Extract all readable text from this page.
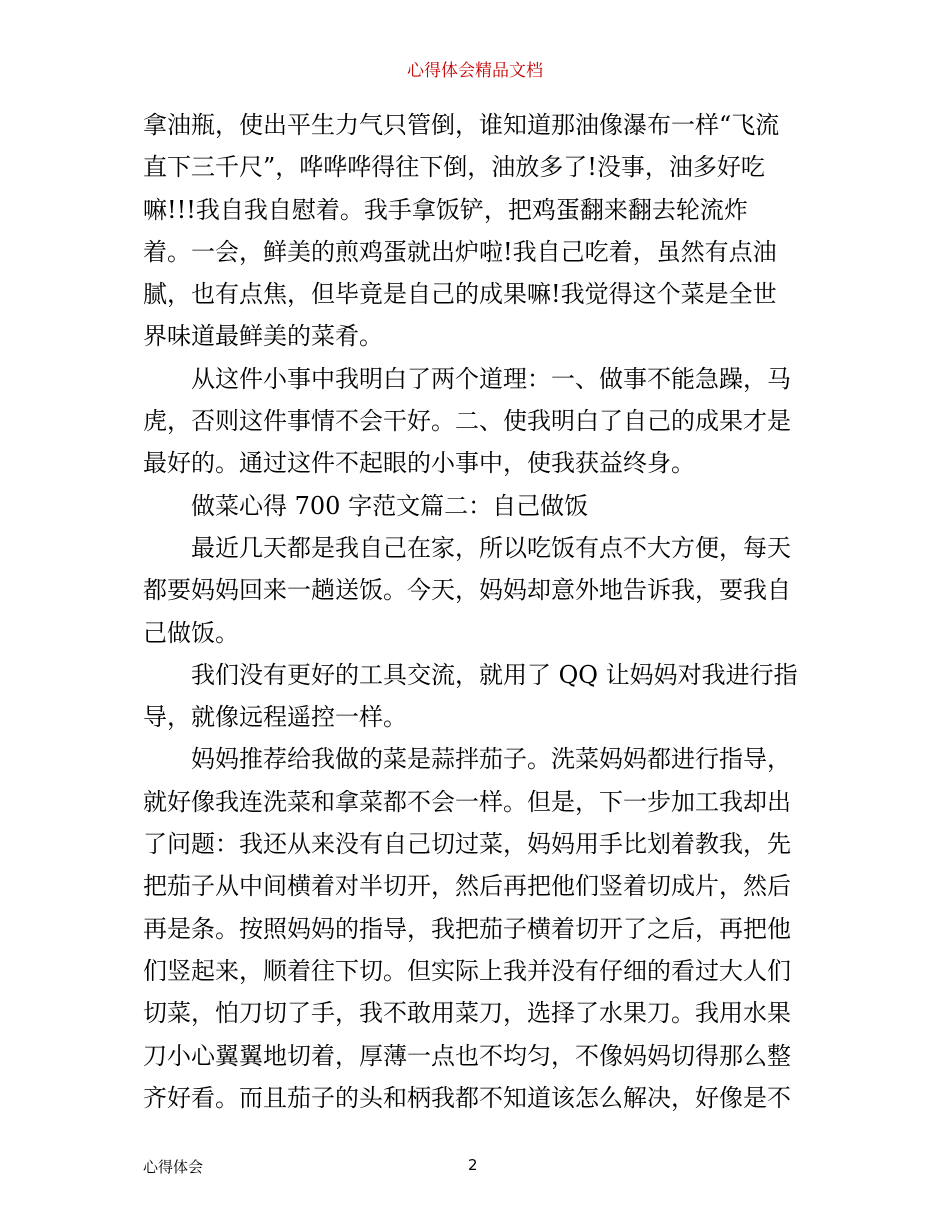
心得体会精品文档
拿油瓶，使出平生力气只管倒，谁知道那油像瀑布一样“飞流
直下三千尺”，哗哗哗得往下倒，油放多了!没事，油多好吃
嘛!!!我自我自慰着。我手拿饭铲，把鸡蛋翻来翻去轮流炸
着。一会，鲜美的煎鸡蛋就出炉啦!我自己吃着，虽然有点油
腻，也有点焦，但毕竟是自己的成果嘛!我觉得这个菜是全世
界味道最鲜美的菜肴。
从这件小事中我明白了两个道理：一、做事不能急躁，马
虎，否则这件事情不会干好。二、使我明白了自己的成果才是
最好的。通过这件不起眼的小事中，使我获益终身。
做菜心得 700 字范文篇二：自己做饭
最近几天都是我自己在家，所以吃饭有点不大方便，每天
都要妈妈回来一趟送饭。今天，妈妈却意外地告诉我，要我自
己做饭。
我们没有更好的工具交流，就用了 QQ 让妈妈对我进行指
导，就像远程遥控一样。
妈妈推荐给我做的菜是蒜拌茄子。洗菜妈妈都进行指导，
就好像我连洗菜和拿菜都不会一样。但是，下一步加工我却出
了问题：我还从来没有自己切过菜，妈妈用手比划着教我，先
把茄子从中间横着对半切开，然后再把他们竖着切成片，然后
再是条。按照妈妈的指导，我把茄子横着切开了之后，再把他
们竖起来，顺着往下切。但实际上我并没有仔细的看过大人们
切菜，怕刀切了手，我不敢用菜刀，选择了水果刀。我用水果
刀小心翼翼地切着，厚薄一点也不均匀，不像妈妈切得那么整
齐好看。而且茄子的头和柄我都不知道该怎么解决，好像是不
心得体会	2
